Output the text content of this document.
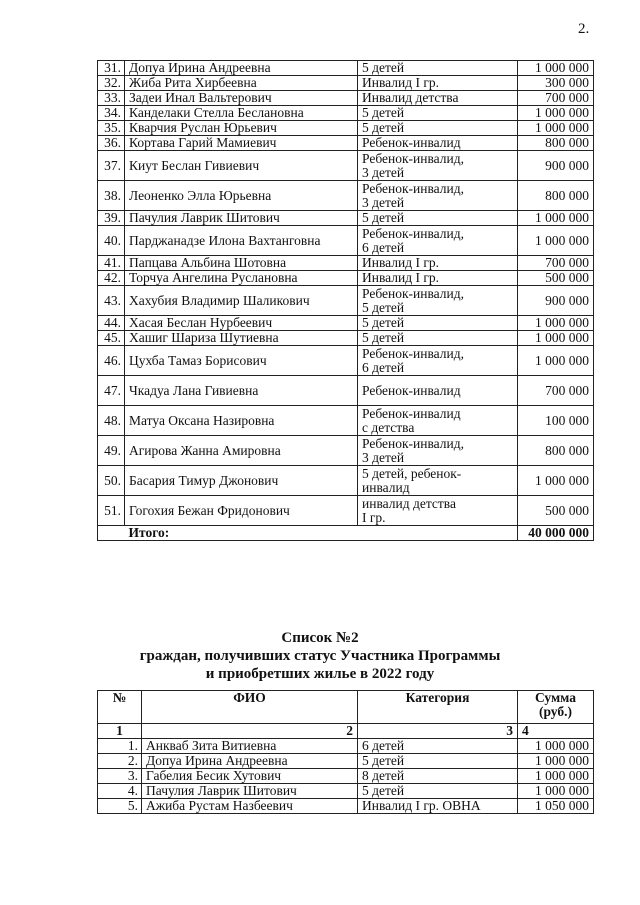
2.
31.	Допуа Ирина Андреевна	5 детей	1 000 000
32.	Жиба Рита Хирбеевна	Инвалид I гр.	300 000
33.	Задеи Инал Вальтерович	Инвалид детства	700 000
34.	Канделаки Стелла Беслановна	5 детей	1 000 000
35.	Кварчия Руслан Юрьевич	5 детей	1 000 000
36.	Кортава Гарий Мамиевич	Ребенок-инвалид	800 000
37.	Киут Беслан Гивиевич	Ребенок-инвалид,
3 детей	900 000
38.	Леоненко Элла Юрьевна	Ребенок-инвалид,
3 детей	800 000
39.	Пачулия Лаврик Шитович	5 детей	1 000 000
40.	Парджанадзе Илона Вахтанговна	Ребенок-инвалид,
6 детей	1 000 000
41.	Папцава Альбина Шотовна	Инвалид I гр.	700 000
42.	Торчуа Ангелина Руслановна	Инвалид I гр.	500 000
43.	Хахубия Владимир Шаликович	Ребенок-инвалид,
5 детей	900 000
44.	Хасая Беслан Нурбеевич	5 детей	1 000 000
45.	Хашиг Шариза Шутиевна	5 детей	1 000 000
46.	Цухба Тамаз Борисович	Ребенок-инвалид,
6 детей	1 000 000
47.	Чкадуа Лана Гивиевна	Ребенок-инвалид	700 000
48.	Матуа Оксана Назировна	Ребенок-инвалид
с детства	100 000
49.	Агирова Жанна Амировна	Ребенок-инвалид,
3 детей	800 000
50.	Басария Тимур Джонович	5 детей, ребенок-
инвалид	1 000 000
51.	Гогохия Бежан Фридонович	инвалид детства
I гр.	500 000
	Итого:		40 000 000
Список №2
граждан, получивших статус Участника Программы
и приобретших жилье в 2022 году
№	ФИО	Категория	Сумма
(руб.)
1	2	3	4
1.	Анкваб Зита Витиевна	6 детей	1 000 000
2.	Допуа Ирина Андреевна	5 детей	1 000 000
3.	Габелия Бесик Хутович	8 детей	1 000 000
4.	Пачулия Лаврик Шитович	5 детей	1 000 000
5.	Ажиба Рустам Назбеевич	Инвалид I гр. ОВНА	1 050 000
